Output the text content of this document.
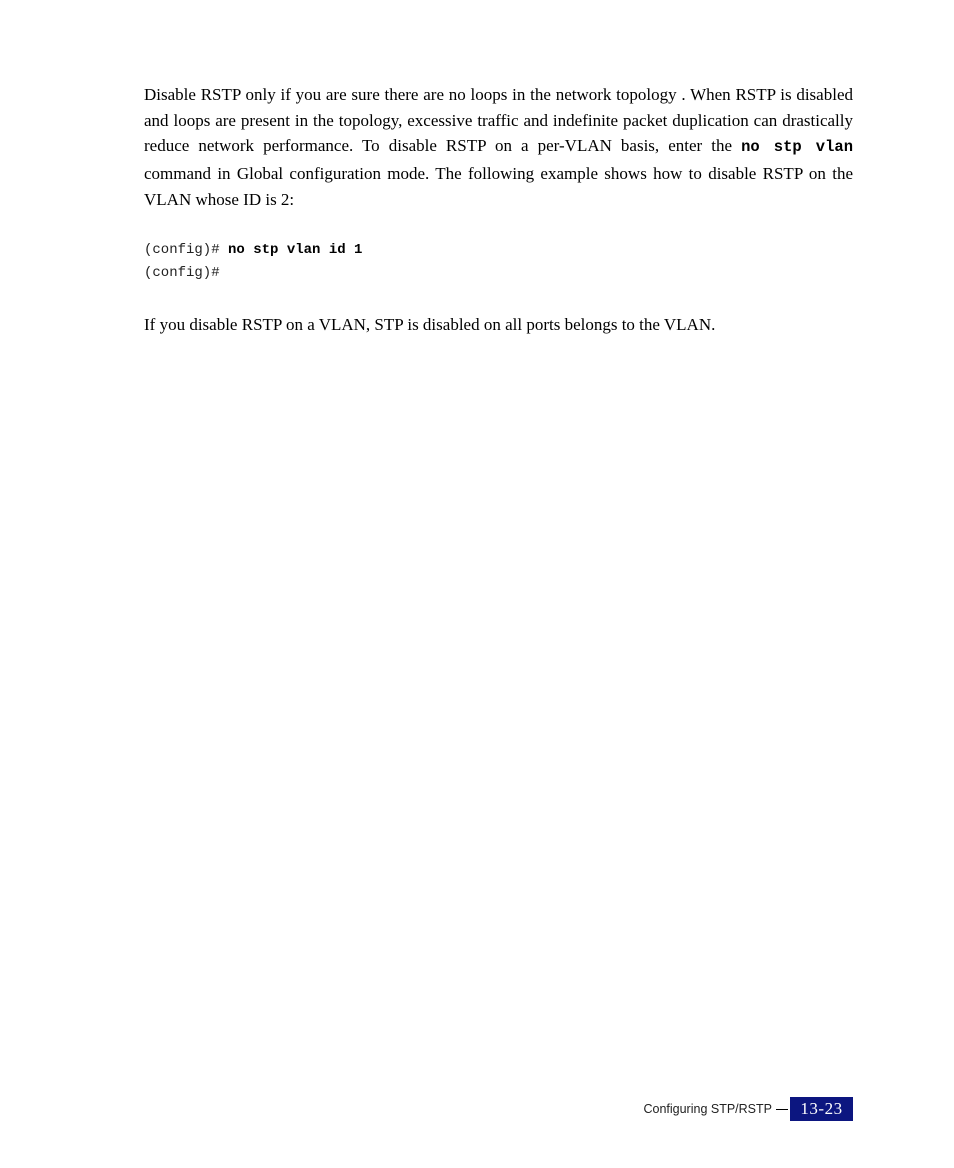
Disable RSTP only if you are sure there are no loops in the network topology . When RSTP is disabled and loops are present in the topology, excessive traffic and indefinite packet duplication can drastically reduce network performance. To disable RSTP on a per-VLAN basis, enter the no stp vlan command in Global configuration mode. The following example shows how to disable RSTP on the VLAN whose ID is 2:

(config)# no stp vlan id 1
(config)#

If you disable RSTP on a VLAN, STP is disabled on all ports belongs to the VLAN.

Configuring STP/RSTP	13-23
